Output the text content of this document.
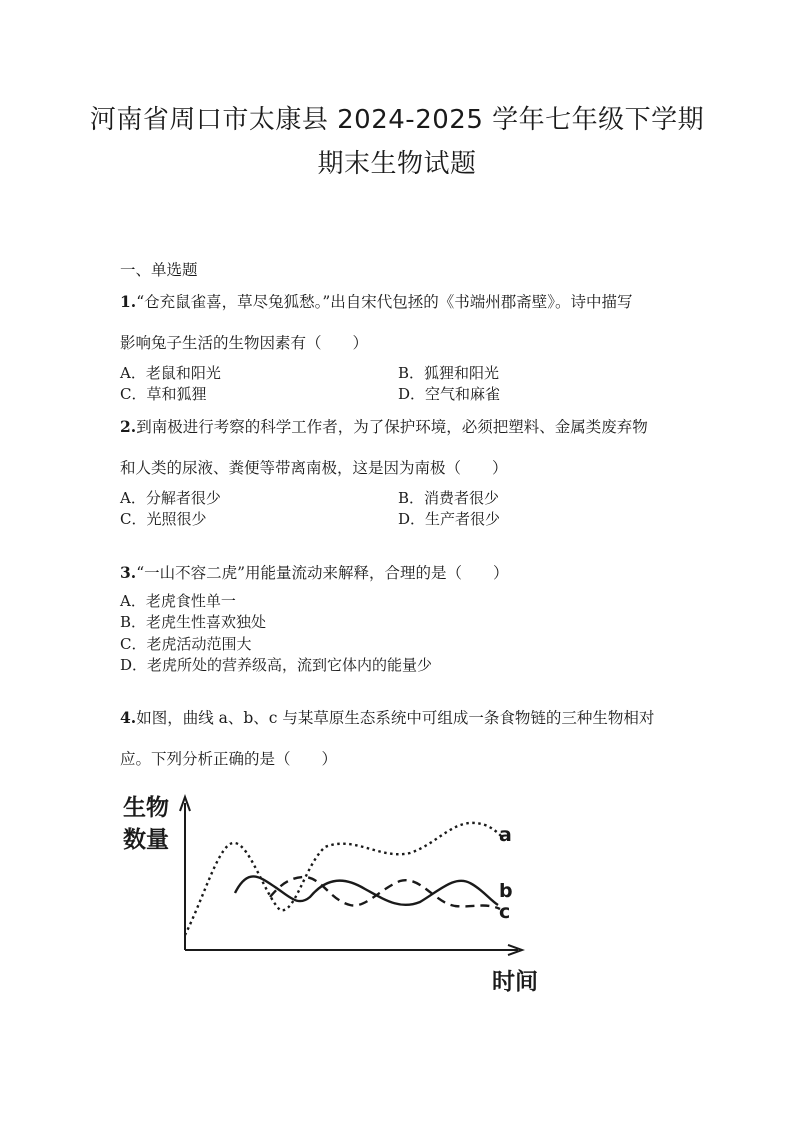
河南省周口市太康县 2024-2025 学年七年级下学期
期末生物试题
一、单选题
1.“仓充鼠雀喜，草尽兔狐愁。”出自宋代包拯的《书端州郡斋壁》。诗中描写
影响兔子生活的生物因素有（　　）
A．老鼠和阳光	B．狐狸和阳光
C．草和狐狸	D．空气和麻雀
2.到南极进行考察的科学工作者，为了保护环境，必须把塑料、金属类废弃物
和人类的尿液、粪便等带离南极，这是因为南极（　　）
A．分解者很少	B．消费者很少
C．光照很少	D．生产者很少
3.“一山不容二虎”用能量流动来解释，合理的是（　　）
A．老虎食性单一
B．老虎生性喜欢独处
C．老虎活动范围大
D．老虎所处的营养级高，流到它体内的能量少
4.如图，曲线 a、b、c 与某草原生态系统中可组成一条食物链的三种生物相对
应。下列分析正确的是（　　）
生物
数量
时间
a
b
c
